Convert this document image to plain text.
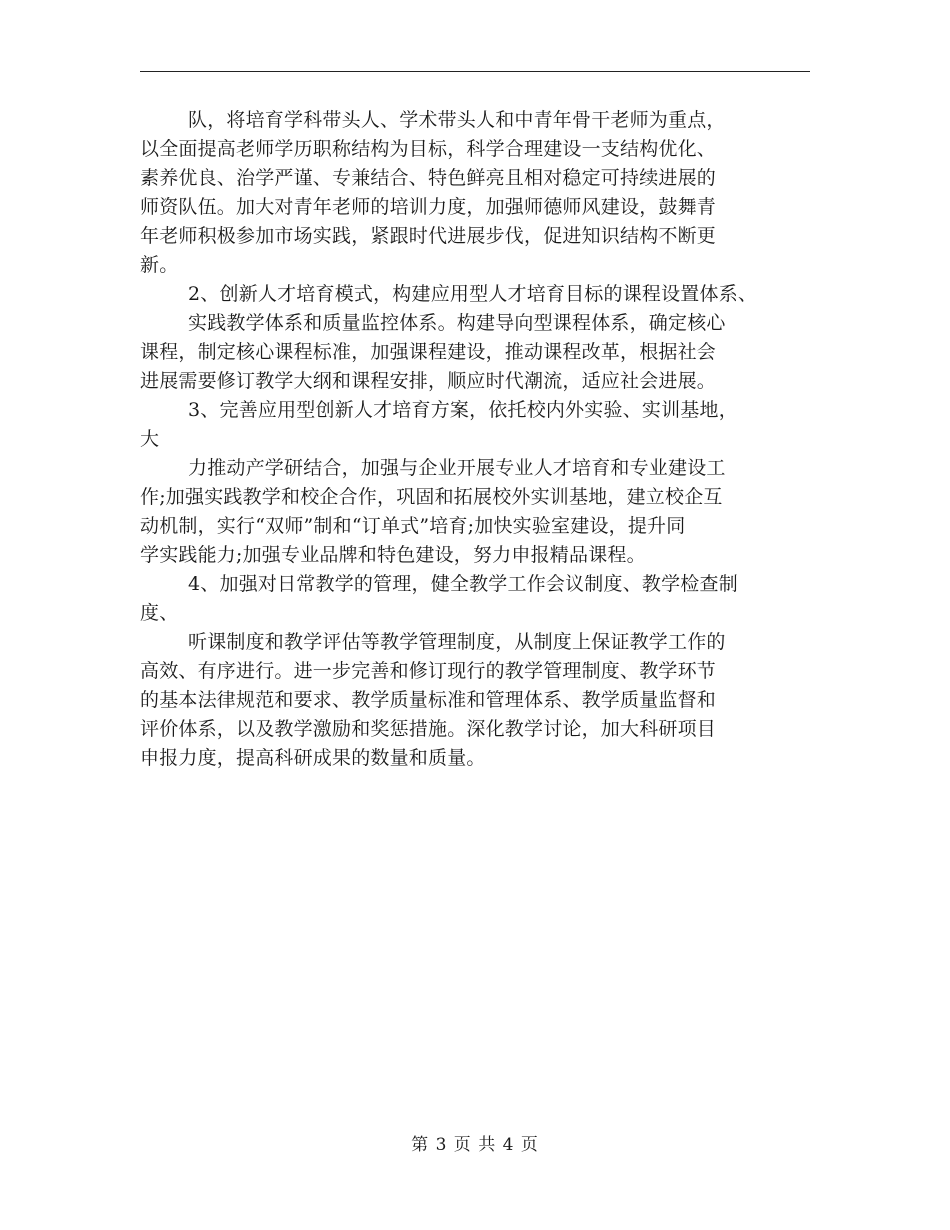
队，将培育学科带头人、学术带头人和中青年骨干老师为重点，
以全面提高老师学历职称结构为目标，科学合理建设一支结构优化、
素养优良、治学严谨、专兼结合、特色鲜亮且相对稳定可持续进展的
师资队伍。加大对青年老师的培训力度，加强师德师风建设，鼓舞青
年老师积极参加市场实践，紧跟时代进展步伐，促进知识结构不断更
新。
2、创新人才培育模式，构建应用型人才培育目标的课程设置体系、
实践教学体系和质量监控体系。构建导向型课程体系，确定核心
课程，制定核心课程标准，加强课程建设，推动课程改革，根据社会
进展需要修订教学大纲和课程安排，顺应时代潮流，适应社会进展。
3、完善应用型创新人才培育方案，依托校内外实验、实训基地，
大
力推动产学研结合，加强与企业开展专业人才培育和专业建设工
作;加强实践教学和校企合作，巩固和拓展校外实训基地，建立校企互
动机制，实行“双师”制和“订单式”培育;加快实验室建设，提升同
学实践能力;加强专业品牌和特色建设，努力申报精品课程。
4、加强对日常教学的管理，健全教学工作会议制度、教学检查制
度、
听课制度和教学评估等教学管理制度，从制度上保证教学工作的
高效、有序进行。进一步完善和修订现行的教学管理制度、教学环节
的基本法律规范和要求、教学质量标准和管理体系、教学质量监督和
评价体系，以及教学激励和奖惩措施。深化教学讨论，加大科研项目
申报力度，提高科研成果的数量和质量。
第 3 页 共 4 页
